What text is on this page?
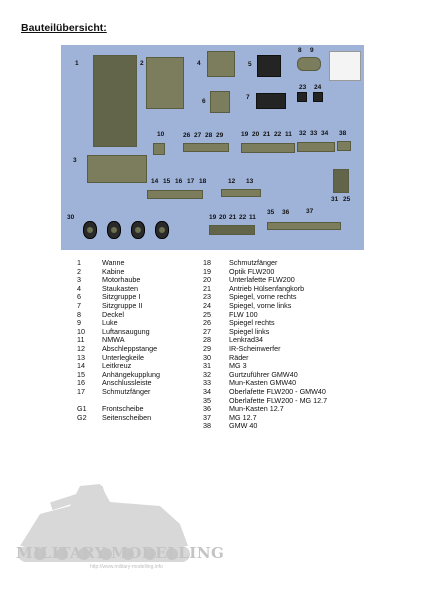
Bauteilübersicht:
1	2
3
4	5
6
7
8 9
10
23 24
26 27 28 29	19 20 21 22 11 32 33 34 38
14 15 16 17 18	12 13
31 25
30	19 20 21 22 11
35 36	37
1	Wanne
2	Kabine
3	Motorhaube
4	Staukasten
6	Sitzgruppe I
7	Sitzgruppe II
8	Deckel
9	Luke
10 Luftansaugung
11 NMWA
12 Abschleppstange
13 Unterlegkeile
14 Leitkreuz
15 Anhängekupplung
16 Anschlussleiste
17 Schmutzfänger
G1 Frontscheibe
G2 Seitenscheiben
18	Schmutzfänger
19	Optik FLW200
20	Unterlafette FLW200
21	Antrieb Hülsenfangkorb
23	Spiegel, vorne rechts
24	Spiegel, vorne links
25	FLW 100
26	Spiegel rechts
27	Spiegel links
28	Lenkrad34
29	IR-Scheinwerfer
30	Räder
31	MG 3
32	Gurtzuführer GMW40
33	Mun-Kasten GMW40
34	Oberlafette FLW200 - GMW40
35	Oberlafette FLW200 - MG 12.7
36	Mun-Kasten 12.7
37	MG 12.7
38	GMW 40
MILITARY-MODELLING
http://www.military-modelling.info
